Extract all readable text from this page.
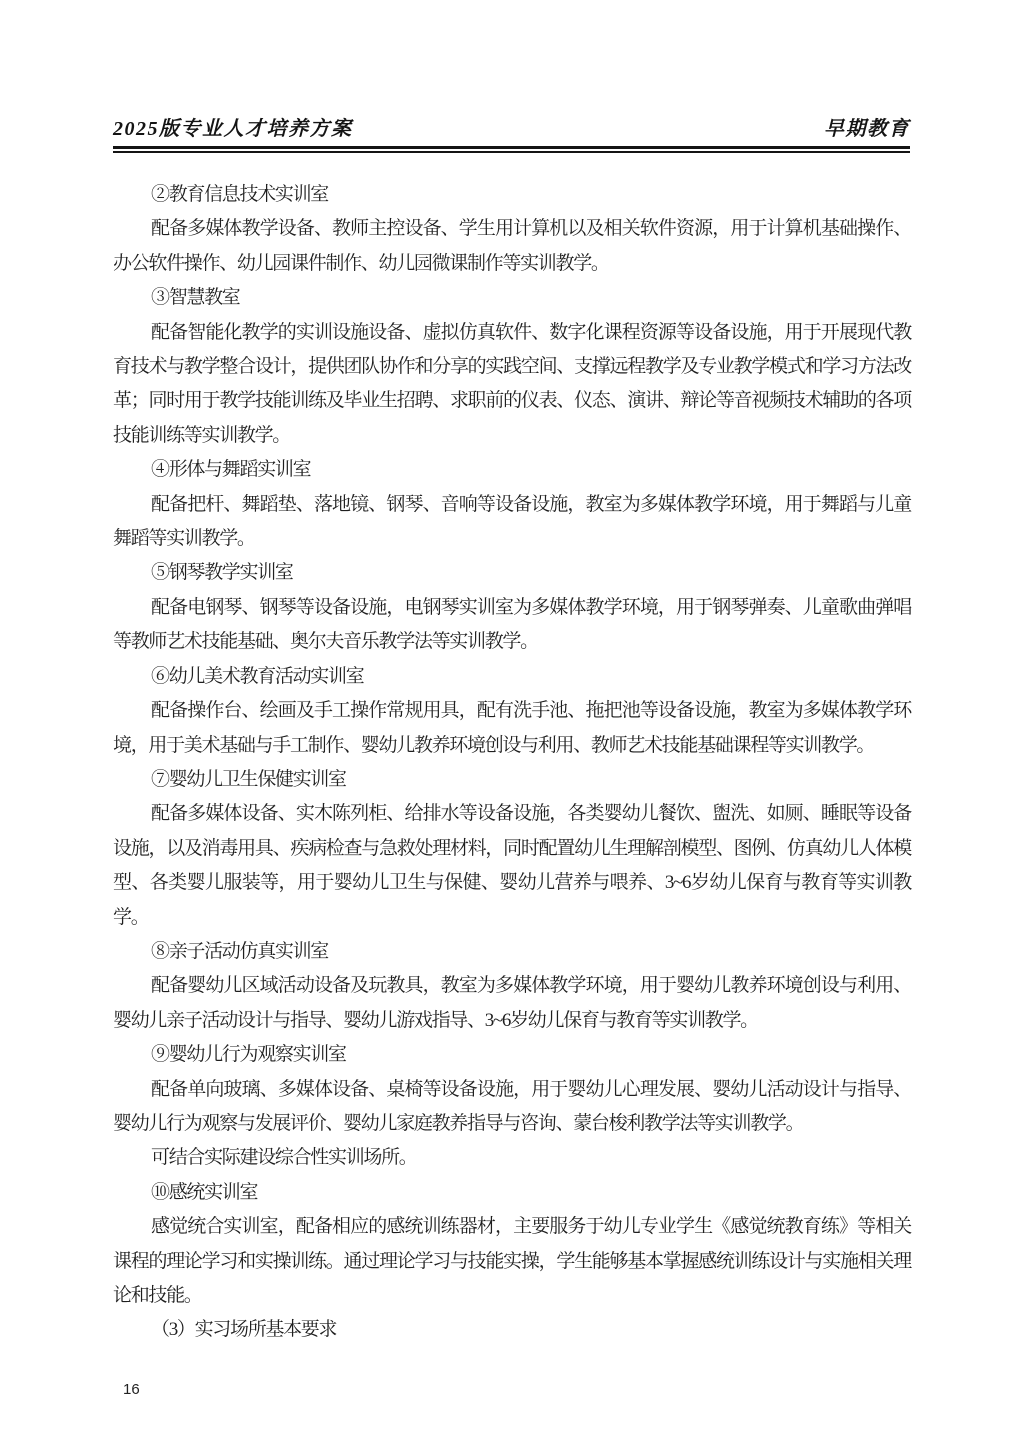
2025版专业人才培养方案	早期教育
②教育信息技术实训室
配备多媒体教学设备、教师主控设备、学生用计算机以及相关软件资源，用于计算机基础操作、办公软件操作、幼儿园课件制作、幼儿园微课制作等实训教学。
③智慧教室
配备智能化教学的实训设施设备、虚拟仿真软件、数字化课程资源等设备设施，用于开展现代教育技术与教学整合设计，提供团队协作和分享的实践空间、支撑远程教学及专业教学模式和学习方法改革；同时用于教学技能训练及毕业生招聘、求职前的仪表、仪态、演讲、辩论等音视频技术辅助的各项技能训练等实训教学。
④形体与舞蹈实训室
配备把杆、舞蹈垫、落地镜、钢琴、音响等设备设施，教室为多媒体教学环境，用于舞蹈与儿童舞蹈等实训教学。
⑤钢琴教学实训室
配备电钢琴、钢琴等设备设施，电钢琴实训室为多媒体教学环境，用于钢琴弹奏、儿童歌曲弹唱等教师艺术技能基础、奥尔夫音乐教学法等实训教学。
⑥幼儿美术教育活动实训室
配备操作台、绘画及手工操作常规用具，配有洗手池、拖把池等设备设施，教室为多媒体教学环境，用于美术基础与手工制作、婴幼儿教养环境创设与利用、教师艺术技能基础课程等实训教学。
⑦婴幼儿卫生保健实训室
配备多媒体设备、实木陈列柜、给排水等设备设施，各类婴幼儿餐饮、盥洗、如厕、睡眠等设备设施，以及消毒用具、疾病检查与急救处理材料，同时配置幼儿生理解剖模型、图例、仿真幼儿人体模型、各类婴儿服装等，用于婴幼儿卫生与保健、婴幼儿营养与喂养、3~6岁幼儿保育与教育等实训教学。
⑧亲子活动仿真实训室
配备婴幼儿区域活动设备及玩教具，教室为多媒体教学环境，用于婴幼儿教养环境创设与利用、婴幼儿亲子活动设计与指导、婴幼儿游戏指导、3~6岁幼儿保育与教育等实训教学。
⑨婴幼儿行为观察实训室
配备单向玻璃、多媒体设备、桌椅等设备设施，用于婴幼儿心理发展、婴幼儿活动设计与指导、婴幼儿行为观察与发展评价、婴幼儿家庭教养指导与咨询、蒙台梭利教学法等实训教学。
可结合实际建设综合性实训场所。
⑩感统实训室
感觉统合实训室，配备相应的感统训练器材，主要服务于幼儿专业学生《感觉统教育练》等相关课程的理论学习和实操训练。通过理论学习与技能实操，学生能够基本掌握感统训练设计与实施相关理论和技能。
（3）实习场所基本要求
16
